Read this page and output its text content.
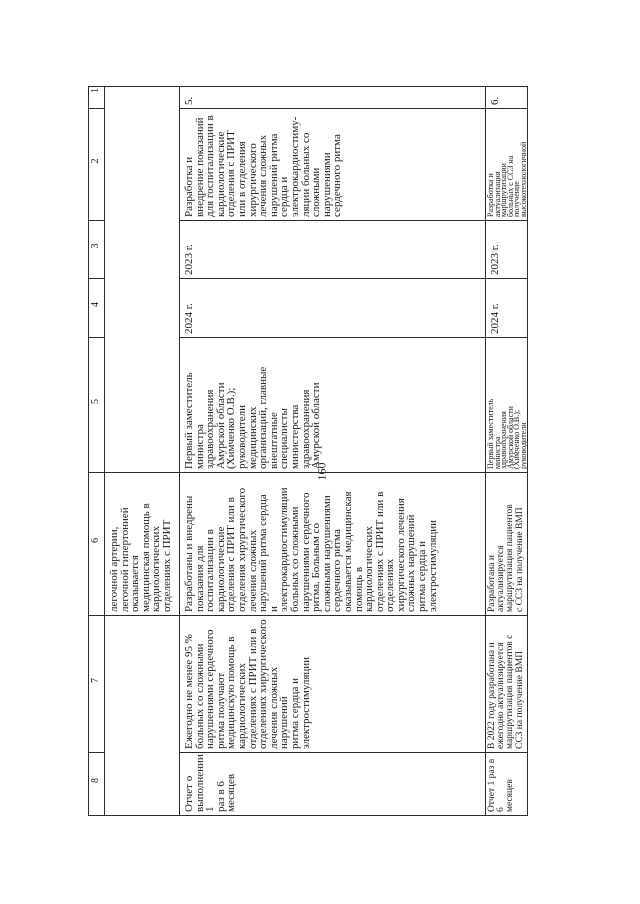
160
1
2
3
4
5
6
7
8
легочной артерии,
легочной гипертонией
оказывается
медицинская помощь в
кардиологических
отделениях с ПРИТ
5.
Разработка и
внедрение показаний
для госпитализации в
кардиологические
отделения с ПРИТ
или в отделения
хирургического
лечения сложных
нарушений ритма
сердца и
электрокардиостиму-
ляции больных со
сложными
нарушениями
сердечного ритма
2023 г.
2024 г.
Первый заместитель
министра
здравоохранения
Амурской области
(Химченко О.В.);
руководители
медицинских
организаций, главные
внештатные
специалисты
министерства
здравоохранения
Амурской области
Разработаны и внедрены
показания для
госпитализации в
кардиологические
отделения с ПРИТ или в
отделения хирургического
лечения сложных
нарушений ритма сердца
и
электрокардиостимуляции
больных со сложными
нарушениями сердечного
ритма. Больным со
сложными нарушениями
сердечного ритма
оказывается медицинская
помощь в
кардиологических
отделениях с ПРИТ или в
отделениях
хирургического лечения
сложных нарушений
ритма сердца и
электростимуляции
Ежегодно не менее 95 %
больных со сложными
нарушениями сердечного
ритма получают
медицинскую помощь в
кардиологических
отделениях с ПРИТ или в
отделениях хирургического
лечения сложных нарушений
ритма сердца и
электростимуляции
Отчет о
выполнении 1
раз в 6 месяцев
6.
Разработка и
актуализация
маршрутизации
больных с ССЗ на
получение
высокотехнологичной
2023 г.
2024 г.
Первый заместитель
министра
здравоохранения
Амурской области
(Химченко О.В.);
руководители
Разработана и
актуализируется
маршрутизация пациентов
с ССЗ на получение ВМП
В 2022 году разработана и
ежегодно актуализируется
маршрутизация пациентов с
ССЗ на получение ВМП
Отчет 1 раз в 6
месяцев
